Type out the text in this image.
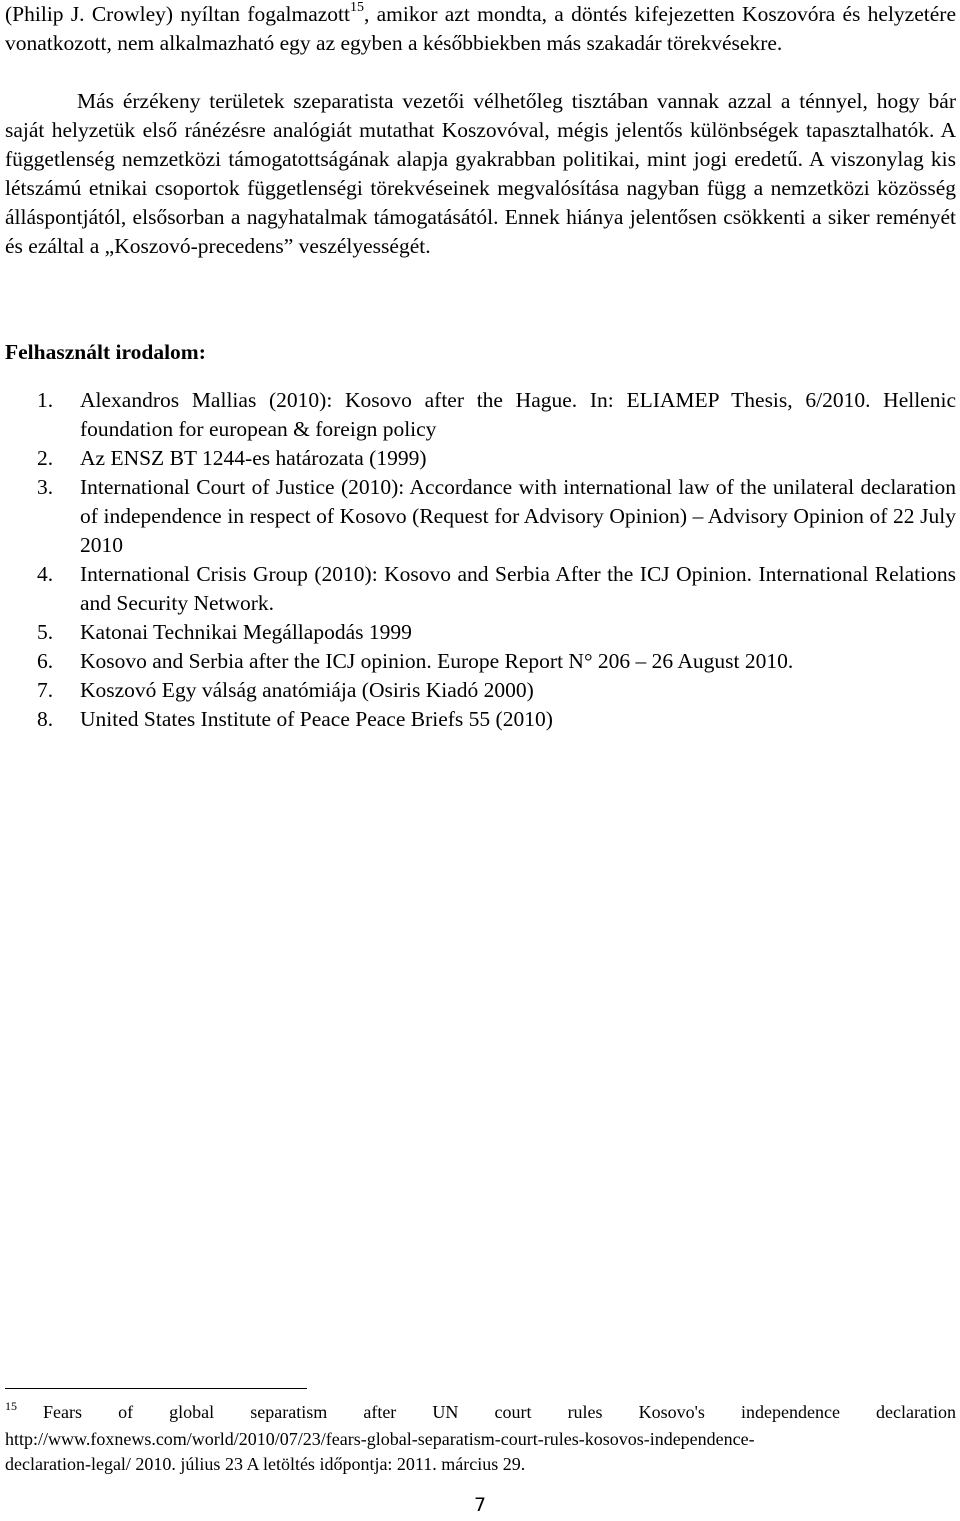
(Philip J. Crowley) nyíltan fogalmazott$^{15}$, amikor azt mondta, a döntés kifejezetten Koszovóra és helyzetére vonatkozott, nem alkalmazható egy az egyben a későbbiekben más szakadár törekvésekre.

Más érzékeny területek szeparatista vezetői vélhetőleg tisztában vannak azzal a ténnyel, hogy bár saját helyzetük első ránézésre analógiát mutathat Koszovóval, mégis jelentős különbségek tapasztalhatók. A függetlenség nemzetközi támogatottságának alapja gyakrabban politikai, mint jogi eredetű. A viszonylag kis létszámú etnikai csoportok függetlenségi törekvéseinek megvalósítása nagyban függ a nemzetközi közösség álláspontjától, elsősorban a nagyhatalmak támogatásától. Ennek hiánya jelentősen csökkenti a siker reményét és ezáltal a „Koszovó-precedens” veszélyességét.

Felhasznált irodalom:
1. Alexandros Mallias (2010): Kosovo after the Hague. In: ELIAMEP Thesis, 6/2010. Hellenic foundation for european & foreign policy
2. Az ENSZ BT 1244-es határozata (1999)
3. International Court of Justice (2010): Accordance with international law of the unilateral declaration of independence in respect of Kosovo (Request for Advisory Opinion) – Advisory Opinion of 22 July 2010
4. International Crisis Group (2010): Kosovo and Serbia After the ICJ Opinion. International Relations and Security Network.
5. Katonai Technikai Megállapodás 1999
6. Kosovo and Serbia after the ICJ opinion. Europe Report N° 206 – 26 August 2010.
7. Koszovó Egy válság anatómiája (Osiris Kiadó 2000)
8. United States Institute of Peace Peace Briefs 55 (2010)
15 Fears of global separatism after UN court rules Kosovo's independence declaration
http://www.foxnews.com/world/2010/07/23/fears-global-separatism-court-rules-kosovos-independence-
declaration-legal/ 2010. július 23 A letöltés időpontja: 2011. március 29.
7
